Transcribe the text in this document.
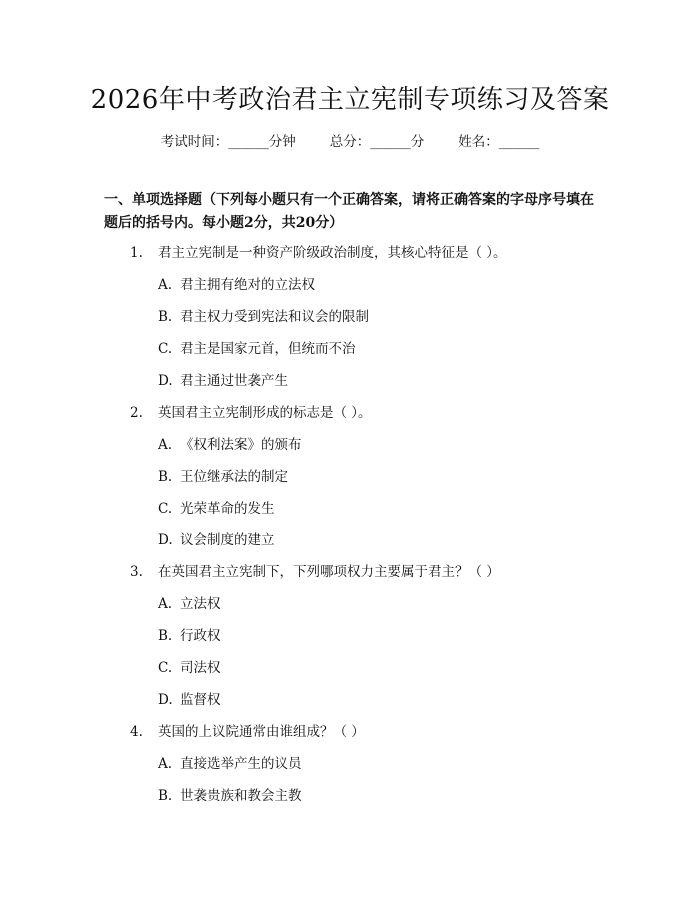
2026年中考政治君主立宪制专项练习及答案
考试时间：______分钟	总分：______分	姓名：______
一、单项选择题（下列每小题只有一个正确答案，请将正确答案的字母序号填在题后的括号内。每小题2分，共20分）
1. 君主立宪制是一种资产阶级政治制度，其核心特征是（ ）。
A. 君主拥有绝对的立法权
B. 君主权力受到宪法和议会的限制
C. 君主是国家元首，但统而不治
D. 君主通过世袭产生
2. 英国君主立宪制形成的标志是（ ）。
A. 《权利法案》的颁布
B. 王位继承法的制定
C. 光荣革命的发生
D. 议会制度的建立
3. 在英国君主立宪制下，下列哪项权力主要属于君主？（ ）
A. 立法权
B. 行政权
C. 司法权
D. 监督权
4. 英国的上议院通常由谁组成？（ ）
A. 直接选举产生的议员
B. 世袭贵族和教会主教
